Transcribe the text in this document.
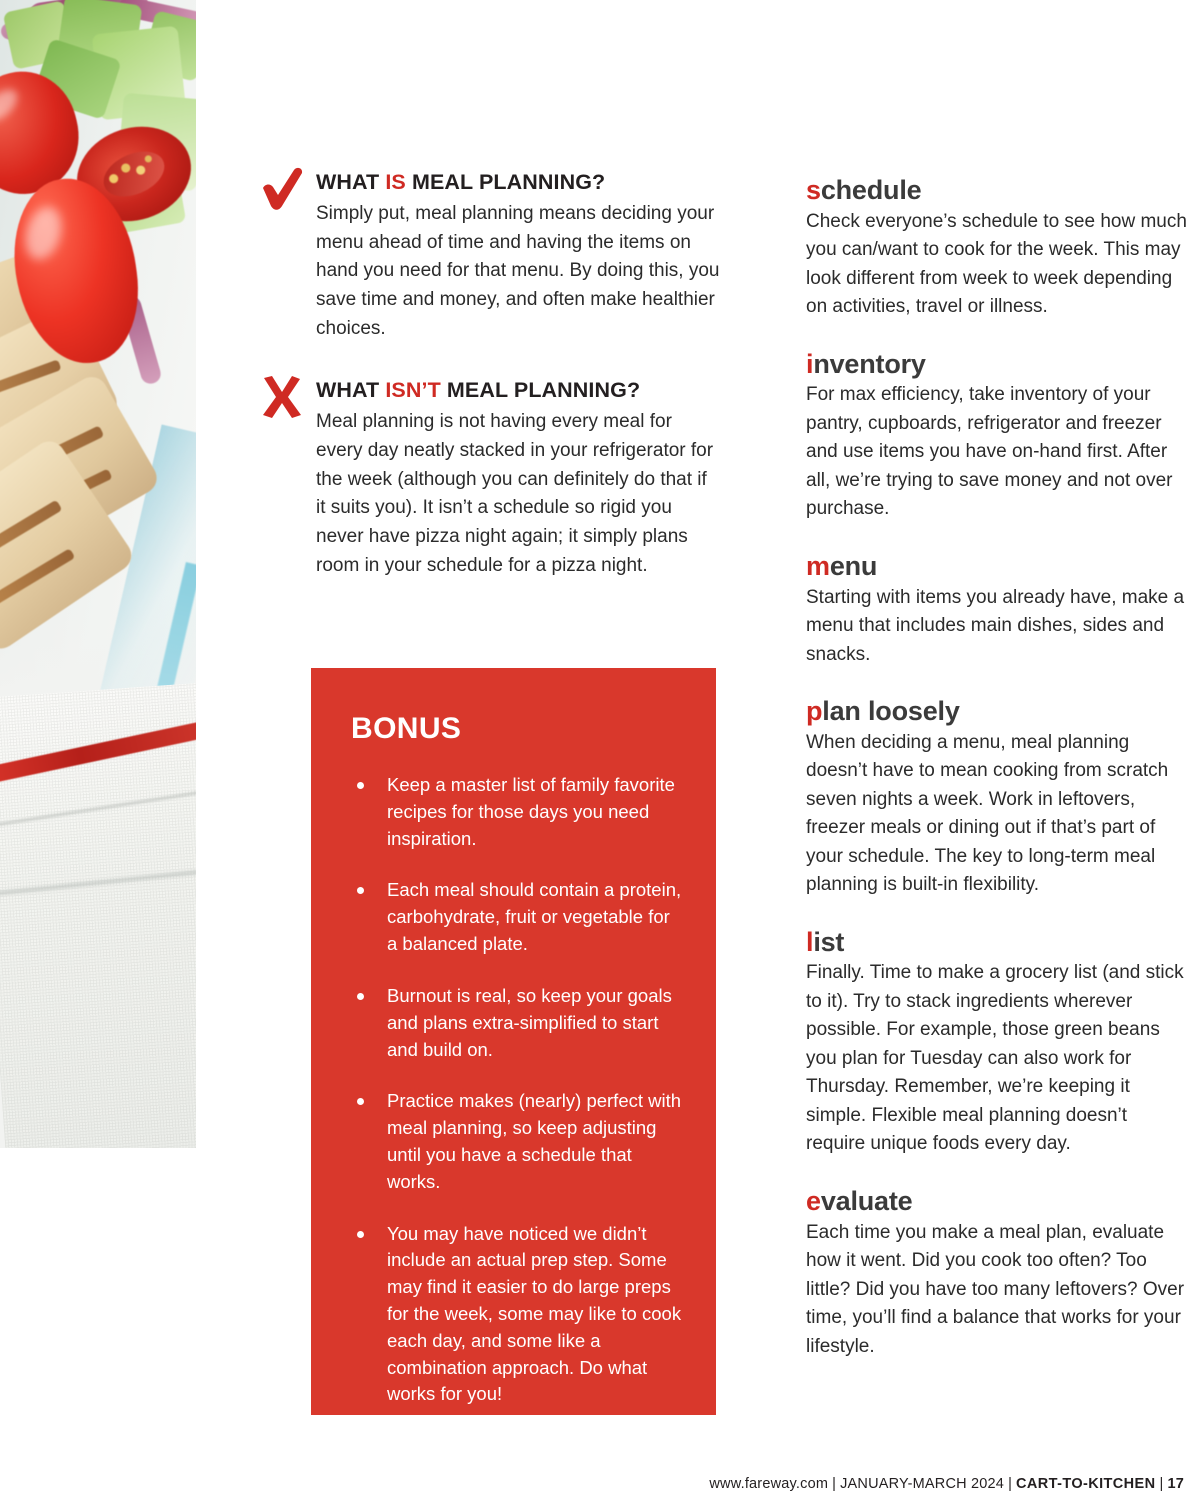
WHAT IS MEAL PLANNING?

Simply put, meal planning means deciding your menu ahead of time and having the items on hand you need for that menu. By doing this, you save time and money, and often make healthier choices.

WHAT ISN’T MEAL PLANNING?

Meal planning is not having every meal for every day neatly stacked in your refrigerator for the week (although you can definitely do that if it suits you). It isn’t a schedule so rigid you never have pizza night again; it simply plans room in your schedule for a pizza night.

BONUS
Keep a master list of family favorite recipes for those days you need inspiration.
Each meal should contain a protein, carbohydrate, fruit or vegetable for a balanced plate.
Burnout is real, so keep your goals and plans extra-simplified to start and build on.
Practice makes (nearly) perfect with meal planning, so keep adjusting until you have a schedule that works.
You may have noticed we didn’t include an actual prep step. Some may find it easier to do large preps for the week, some may like to cook each day, and some like a combination approach. Do what works for you!
schedule

Check everyone’s schedule to see how much you can/want to cook for the week. This may look different from week to week depending on activities, travel or illness.

inventory

For max efficiency, take inventory of your pantry, cupboards, refrigerator and freezer and use items you have on-hand first. After all, we’re trying to save money and not over purchase.

menu

Starting with items you already have, make a menu that includes main dishes, sides and snacks.

plan loosely

When deciding a menu, meal planning doesn’t have to mean cooking from scratch seven nights a week. Work in leftovers, freezer meals or dining out if that’s part of your schedule. The key to long-term meal planning is built-in flexibility.

list

Finally. Time to make a grocery list (and stick to it). Try to stack ingredients wherever possible. For example, those green beans you plan for Tuesday can also work for Thursday. Remember, we’re keeping it simple. Flexible meal planning doesn’t require unique foods every day.

evaluate

Each time you make a meal plan, evaluate how it went. Did you cook too often? Too little? Did you have too many leftovers? Over time, you’ll find a balance that works for your lifestyle.

www.fareway.com | JANUARY-MARCH 2024 | CART-TO-KITCHEN | 17
